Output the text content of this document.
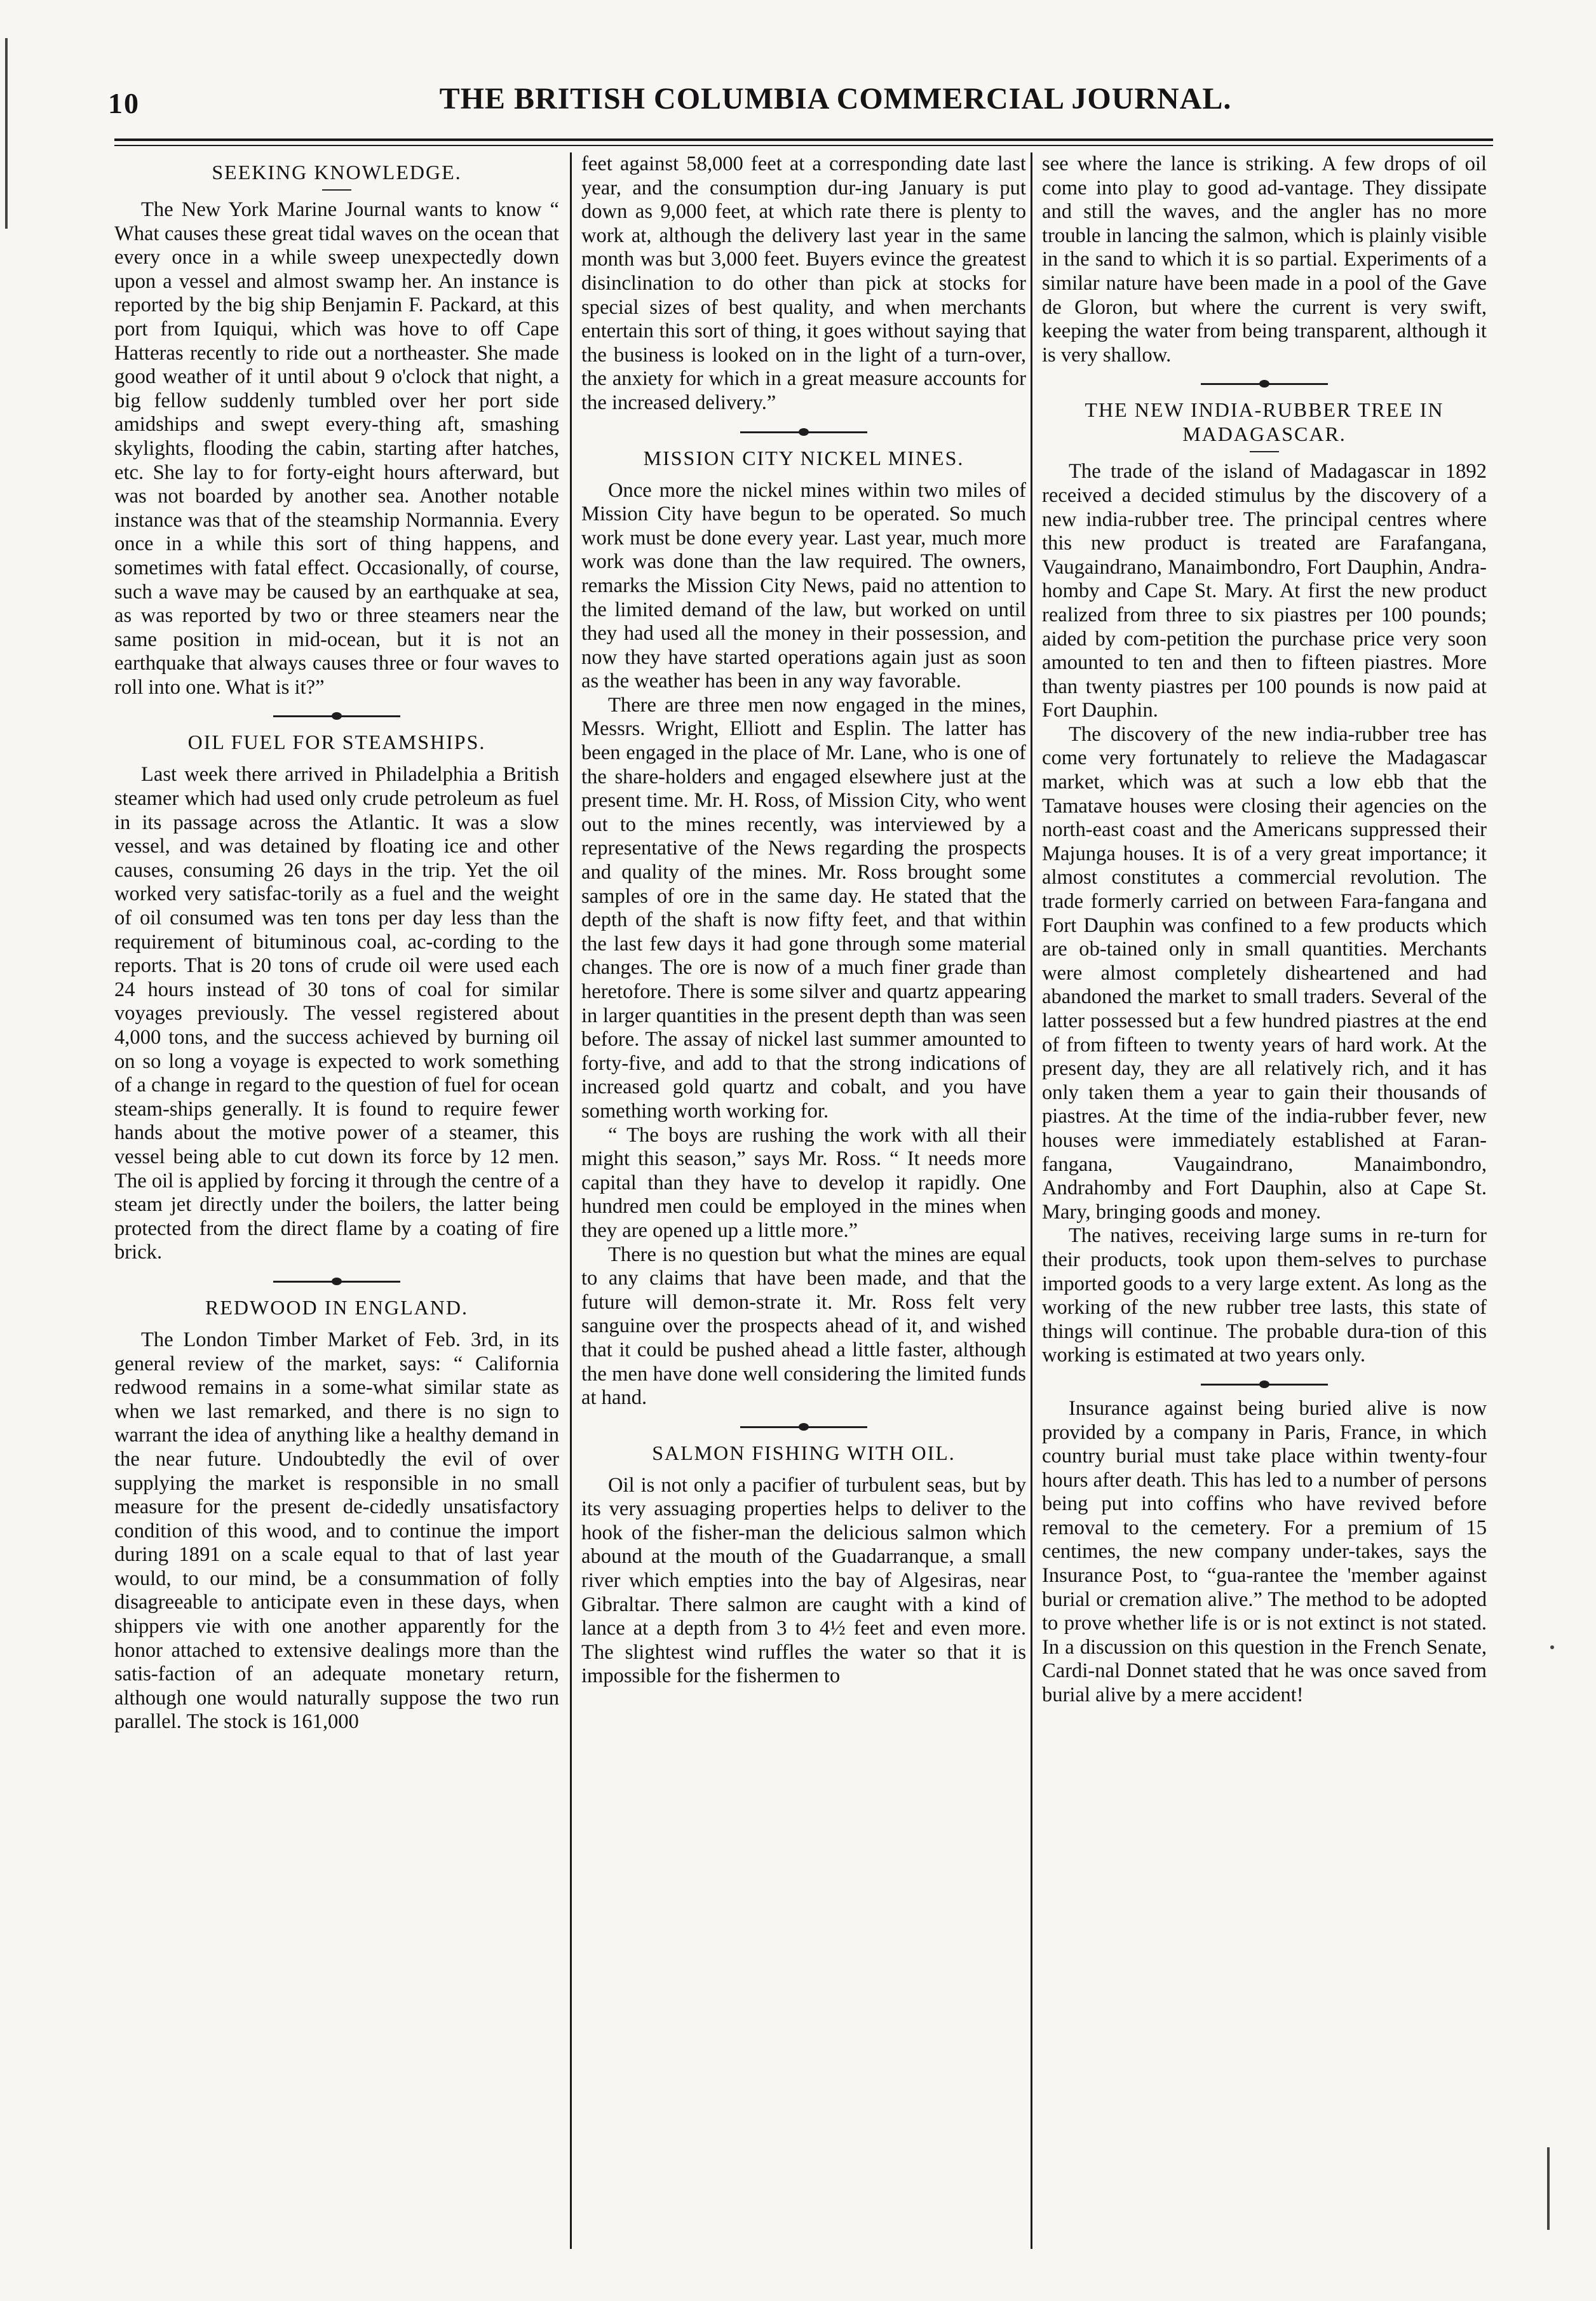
10	THE BRITISH COLUMBIA COMMERCIAL JOURNAL.
SEEKING KNOWLEDGE.

The New York Marine Journal wants to know “ What causes these great tidal waves on the ocean that every once in a while sweep unexpectedly down upon a vessel and almost swamp her. An instance is reported by the big ship Benjamin F. Packard, at this port from Iquiqui, which was hove to off Cape Hatteras recently to ride out a northeaster. She made good weather of it until about 9 o'clock that night, a big fellow suddenly tumbled over her port side amidships and swept every-thing aft, smashing skylights, flooding the cabin, starting after hatches, etc. She lay to for forty-eight hours afterward, but was not boarded by another sea. Another notable instance was that of the steamship Normannia. Every once in a while this sort of thing happens, and sometimes with fatal effect. Occasionally, of course, such a wave may be caused by an earthquake at sea, as was reported by two or three steamers near the same position in mid-ocean, but it is not an earthquake that always causes three or four waves to roll into one. What is it?”

OIL FUEL FOR STEAMSHIPS.

Last week there arrived in Philadelphia a British steamer which had used only crude petroleum as fuel in its passage across the Atlantic. It was a slow vessel, and was detained by floating ice and other causes, consuming 26 days in the trip. Yet the oil worked very satisfac-torily as a fuel and the weight of oil consumed was ten tons per day less than the requirement of bituminous coal, ac-cording to the reports. That is 20 tons of crude oil were used each 24 hours instead of 30 tons of coal for similar voyages previously. The vessel registered about 4,000 tons, and the success achieved by burning oil on so long a voyage is expected to work something of a change in regard to the question of fuel for ocean steam-ships generally. It is found to require fewer hands about the motive power of a steamer, this vessel being able to cut down its force by 12 men. The oil is applied by forcing it through the centre of a steam jet directly under the boilers, the latter being protected from the direct flame by a coating of fire brick.

REDWOOD IN ENGLAND.

The London Timber Market of Feb. 3rd, in its general review of the market, says: “ California redwood remains in a some-what similar state as when we last remarked, and there is no sign to warrant the idea of anything like a healthy demand in the near future. Undoubtedly the evil of over supplying the market is responsible in no small measure for the present de-cidedly unsatisfactory condition of this wood, and to continue the import during 1891 on a scale equal to that of last year would, to our mind, be a consummation of folly disagreeable to anticipate even in these days, when shippers vie with one another apparently for the honor attached to extensive dealings more than the satis-faction of an adequate monetary return, although one would naturally suppose the two run parallel. The stock is 161,000

feet against 58,000 feet at a corresponding date last year, and the consumption dur-ing January is put down as 9,000 feet, at which rate there is plenty to work at, although the delivery last year in the same month was but 3,000 feet. Buyers evince the greatest disinclination to do other than pick at stocks for special sizes of best quality, and when merchants entertain this sort of thing, it goes without saying that the business is looked on in the light of a turn-over, the anxiety for which in a great measure accounts for the increased delivery.”

MISSION CITY NICKEL MINES.

Once more the nickel mines within two miles of Mission City have begun to be operated. So much work must be done every year. Last year, much more work was done than the law required. The owners, remarks the Mission City News, paid no attention to the limited demand of the law, but worked on until they had used all the money in their possession, and now they have started operations again just as soon as the weather has been in any way favorable.

There are three men now engaged in the mines, Messrs. Wright, Elliott and Esplin. The latter has been engaged in the place of Mr. Lane, who is one of the share-holders and engaged elsewhere just at the present time. Mr. H. Ross, of Mission City, who went out to the mines recently, was interviewed by a representative of the News regarding the prospects and quality of the mines. Mr. Ross brought some samples of ore in the same day. He stated that the depth of the shaft is now fifty feet, and that within the last few days it had gone through some material changes. The ore is now of a much finer grade than heretofore. There is some silver and quartz appearing in larger quantities in the present depth than was seen before. The assay of nickel last summer amounted to forty-five, and add to that the strong indications of increased gold quartz and cobalt, and you have something worth working for.

“ The boys are rushing the work with all their might this season,” says Mr. Ross. “ It needs more capital than they have to develop it rapidly. One hundred men could be employed in the mines when they are opened up a little more.”

There is no question but what the mines are equal to any claims that have been made, and that the future will demon-strate it. Mr. Ross felt very sanguine over the prospects ahead of it, and wished that it could be pushed ahead a little faster, although the men have done well considering the limited funds at hand.

SALMON FISHING WITH OIL.

Oil is not only a pacifier of turbulent seas, but by its very assuaging properties helps to deliver to the hook of the fisher-man the delicious salmon which abound at the mouth of the Guadarranque, a small river which empties into the bay of Algesiras, near Gibraltar. There salmon are caught with a kind of lance at a depth from 3 to 4½ feet and even more. The slightest wind ruffles the water so that it is impossible for the fishermen to

see where the lance is striking. A few drops of oil come into play to good ad-vantage. They dissipate and still the waves, and the angler has no more trouble in lancing the salmon, which is plainly visible in the sand to which it is so partial. Experiments of a similar nature have been made in a pool of the Gave de Gloron, but where the current is very swift, keeping the water from being transparent, although it is very shallow.

THE NEW INDIA-RUBBER TREE IN MADAGASCAR.

The trade of the island of Madagascar in 1892 received a decided stimulus by the discovery of a new india-rubber tree. The principal centres where this new product is treated are Farafangana, Vaugaindrano, Manaimbondro, Fort Dauphin, Andra-homby and Cape St. Mary. At first the new product realized from three to six piastres per 100 pounds; aided by com-petition the purchase price very soon amounted to ten and then to fifteen piastres. More than twenty piastres per 100 pounds is now paid at Fort Dauphin.

The discovery of the new india-rubber tree has come very fortunately to relieve the Madagascar market, which was at such a low ebb that the Tamatave houses were closing their agencies on the north-east coast and the Americans suppressed their Majunga houses. It is of a very great importance; it almost constitutes a commercial revolution. The trade formerly carried on between Fara-fangana and Fort Dauphin was confined to a few products which are ob-tained only in small quantities. Merchants were almost completely disheartened and had abandoned the market to small traders. Several of the latter possessed but a few hundred piastres at the end of from fifteen to twenty years of hard work. At the present day, they are all relatively rich, and it has only taken them a year to gain their thousands of piastres. At the time of the india-rubber fever, new houses were immediately established at Faran-fangana, Vaugaindrano, Manaimbondro, Andrahomby and Fort Dauphin, also at Cape St. Mary, bringing goods and money.

The natives, receiving large sums in re-turn for their products, took upon them-selves to purchase imported goods to a very large extent. As long as the working of the new rubber tree lasts, this state of things will continue. The probable dura-tion of this working is estimated at two years only.

Insurance against being buried alive is now provided by a company in Paris, France, in which country burial must take place within twenty-four hours after death. This has led to a number of persons being put into coffins who have revived before removal to the cemetery. For a premium of 15 centimes, the new company under-takes, says the Insurance Post, to “gua-rantee the 'member against burial or cremation alive.” The method to be adopted to prove whether life is or is not extinct is not stated. In a discussion on this question in the French Senate, Cardi-nal Donnet stated that he was once saved from burial alive by a mere accident!
